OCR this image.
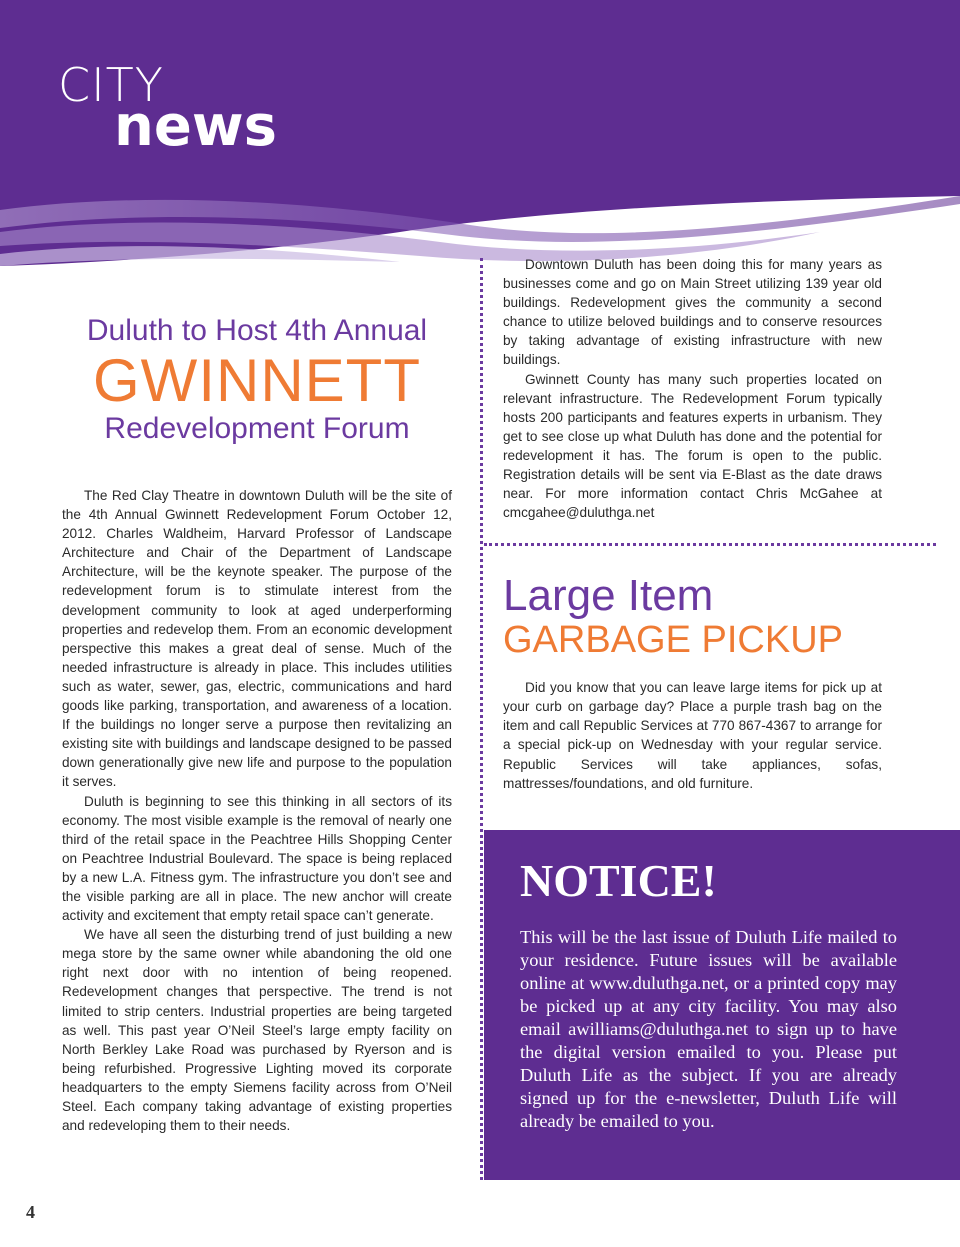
CITY

news

Duluth to Host 4th Annual

GWINNETT

Redevelopment Forum

The Red Clay Theatre in downtown Duluth will be the site of the 4th Annual Gwinnett Redevelopment Forum October 12, 2012. Charles Waldheim, Harvard Professor of Landscape Architecture and Chair of the Department of Landscape Architecture, will be the keynote speaker. The purpose of the redevelopment forum is to stimulate interest from the development community to look at aged underperforming properties and redevelop them. From an economic development perspective this makes a great deal of sense. Much of the needed infrastructure is already in place. This includes utilities such as water, sewer, gas, electric, communications and hard goods like parking, transportation, and awareness of a location. If the buildings no longer serve a purpose then revitalizing an existing site with buildings and landscape designed to be passed down generationally give new life and purpose to the population it serves.

Duluth is beginning to see this thinking in all sectors of its economy. The most visible example is the removal of nearly one third of the retail space in the Peachtree Hills Shopping Center on Peachtree Industrial Boulevard. The space is being replaced by a new L.A. Fitness gym. The infrastructure you don’t see and the visible parking are all in place. The new anchor will create activity and excitement that empty retail space can’t generate.

We have all seen the disturbing trend of just building a new mega store by the same owner while abandoning the old one right next door with no intention of being reopened. Redevelopment changes that perspective. The trend is not limited to strip centers. Industrial properties are being targeted as well. This past year O’Neil Steel’s large empty facility on North Berkley Lake Road was purchased by Ryerson and is being refurbished. Progressive Lighting moved its corporate headquarters to the empty Siemens facility across from O’Neil Steel. Each company taking advantage of existing properties and redeveloping them to their needs.

Downtown Duluth has been doing this for many years as businesses come and go on Main Street utilizing 139 year old buildings. Redevelopment gives the community a second chance to utilize beloved buildings and to conserve resources by taking advantage of existing infrastructure with new buildings.

Gwinnett County has many such properties located on relevant infrastructure. The Redevelopment Forum typically hosts 200 participants and features experts in urbanism. They get to see close up what Duluth has done and the potential for redevelopment it has. The forum is open to the public. Registration details will be sent via E-Blast as the date draws near. For more information contact Chris McGahee at cmcgahee@duluthga.net

Large Item

GARBAGE PICKUP

Did you know that you can leave large items for pick up at your curb on garbage day? Place a purple trash bag on the item and call Republic Services at 770 867-4367 to arrange for a special pick-up on Wednesday with your regular service. Republic Services will take appliances, sofas, mattresses/foundations, and old furniture.

NOTICE!

This will be the last issue of Duluth Life mailed to your residence. Future issues will be available online at www.duluthga.net, or a printed copy may be picked up at any city facility. You may also email awilliams@duluthga.net to sign up to have the digital version emailed to you. Please put Duluth Life as the subject. If you are already signed up for the e-newsletter, Duluth Life will already be emailed to you.

4
